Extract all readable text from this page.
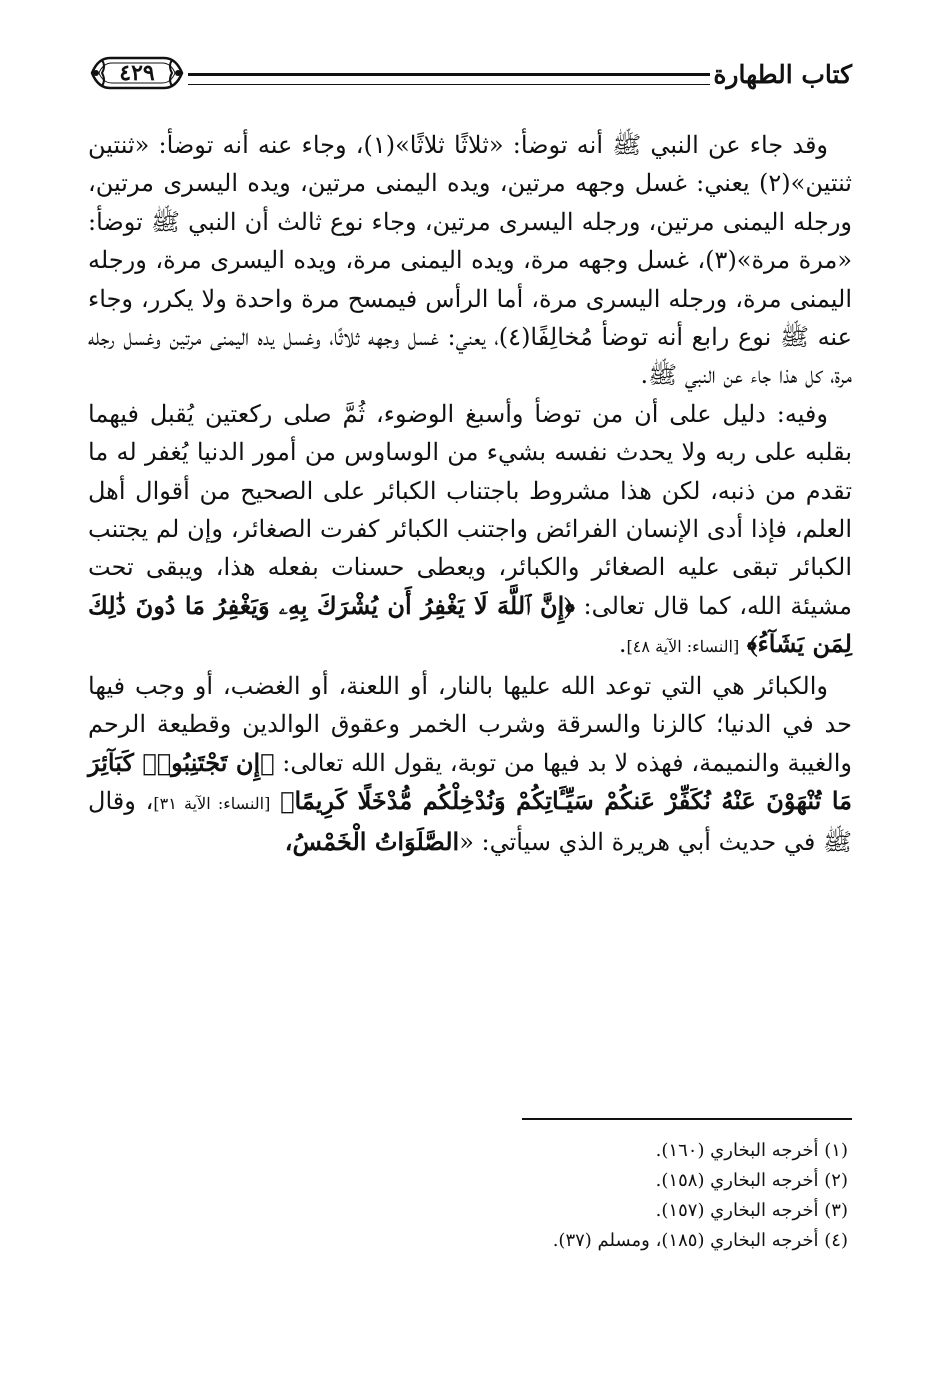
كتاب الطهارة
٤٢٩

وقد جاء عن النبي ﷺ أنه توضأ: «ثلاثًا ثلاثًا»(١)، وجاء عنه أنه توضأ: «ثنتين ثنتين»(٢) يعني: غسل وجهه مرتين، ويده اليمنى مرتين، ويده اليسرى مرتين، ورجله اليمنى مرتين، ورجله اليسرى مرتين، وجاء نوع ثالث أن النبي ﷺ توضأ: «مرة مرة»(٣)، غسل وجهه مرة، ويده اليمنى مرة، ويده اليسرى مرة، ورجله اليمنى مرة، ورجله اليسرى مرة، أما الرأس فيمسح مرة واحدة ولا يكرر، وجاء عنه ﷺ نوع رابع أنه توضأ مُخالِفًا(٤)، يعني: غسل وجهه ثلاثًا، وغسل يده اليمنى مرتين وغسل رجله مرة، كل هذا جاء عن النبي ﷺ.

وفيه: دليل على أن من توضأ وأسبغ الوضوء، ثُمَّ صلى ركعتين يُقبل فيهما بقلبه على ربه ولا يحدث نفسه بشيء من الوساوس من أمور الدنيا يُغفر له ما تقدم من ذنبه، لكن هذا مشروط باجتناب الكبائر على الصحيح من أقوال أهل العلم، فإذا أدى الإنسان الفرائض واجتنب الكبائر كفرت الصغائر، وإن لم يجتنب الكبائر تبقى عليه الصغائر والكبائر، ويعطى حسنات بفعله هذا، ويبقى تحت مشيئة الله، كما قال تعالى: ﴿إِنَّ ٱللَّهَ لَا يَغْفِرُ أَن يُشْرَكَ بِهِۦ وَيَغْفِرُ مَا دُونَ ذَٰلِكَ لِمَن يَشَآءُ﴾ [النساء: الآية ٤٨].

والكبائر هي التي توعد الله عليها بالنار، أو اللعنة، أو الغضب، أو وجب فيها حد في الدنيا؛ كالزنا والسرقة وشرب الخمر وعقوق الوالدين وقطيعة الرحم والغيبة والنميمة، فهذه لا بد فيها من توبة، يقول الله تعالى: ﴿إِن تَجْتَنِبُوا۟ كَبَآئِرَ مَا تُنْهَوْنَ عَنْهُ نُكَفِّرْ عَنكُمْ سَيِّـَٔاتِكُمْ وَنُدْخِلْكُم مُّدْخَلًا كَرِيمًا﴾ [النساء: الآية ٣١]، وقال ﷺ في حديث أبي هريرة الذي سيأتي: «الصَّلَوَاتُ الْخَمْسُ،

(١) أخرجه البخاري (١٦٠).
(٢) أخرجه البخاري (١٥٨).
(٣) أخرجه البخاري (١٥٧).
(٤) أخرجه البخاري (١٨٥)، ومسلم (٣٧).
